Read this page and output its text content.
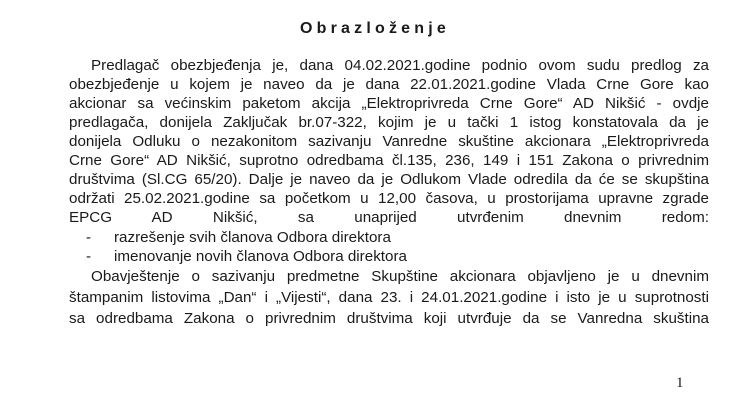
Obrazloženje
Predlagač obezbjeđenja je, dana 04.02.2021.godine podnio ovom sudu predlog za
obezbjeđenje u kojem je naveo da je dana 22.01.2021.godine Vlada Crne Gore kao
akcionar sa većinskim paketom akcija „Elektroprivreda Crne Gore“ AD Nikšić - ovdje
predlagača, donijela Zaključak br.07-322, kojim je u tački 1 istog konstatovala da je
donijela Odluku o nezakonitom sazivanju Vanredne skuštine akcionara „Elektroprivreda
Crne Gore“ AD Nikšić, suprotno odredbama čl.135, 236, 149 i 151 Zakona o privrednim
društvima (Sl.CG 65/20). Dalje je naveo da je Odlukom Vlade odredila da će se skupština
održati 25.02.2021.godine sa početkom u 12,00 časova, u prostorijama upravne zgrade
EPCG AD Nikšić, sa unaprijed utvrđenim dnevnim redom:
- razrešenje svih članova Odbora direktora
- imenovanje novih članova Odbora direktora
Obavještenje o sazivanju predmetne Skupštine akcionara objavljeno je u dnevnim
štampanim listovima „Dan“ i „Vijesti“, dana 23. i 24.01.2021.godine i isto je u suprotnosti
sa odredbama Zakona o privrednim društvima koji utvrđuje da se Vanredna skuština
1
